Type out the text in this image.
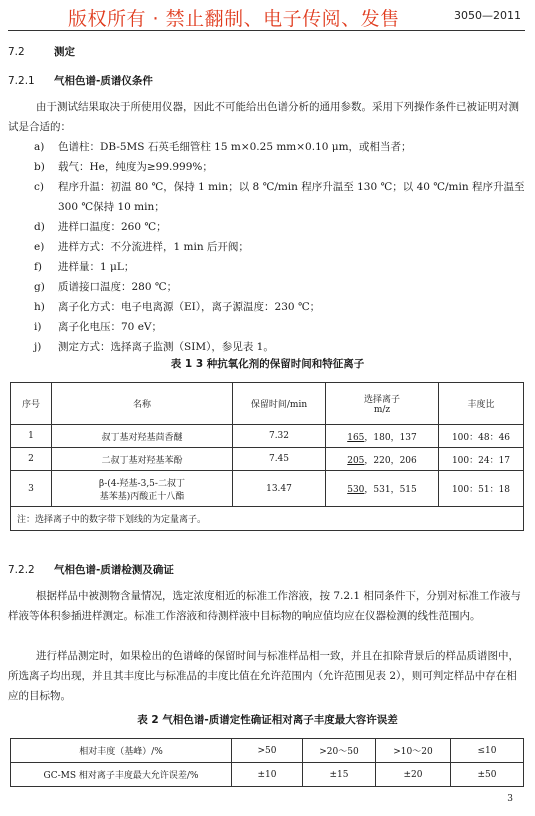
版权所有 · 禁止翻制、电子传阅、发售	3050—2011
7.2	测定
7.2.1 气相色谱-质谱仪条件
由于测试结果取决于所使用仪器，因此不可能给出色谱分析的通用参数。采用下列操作条件已被证明对测试是合适的：
a) 色谱柱：DB-5MS 石英毛细管柱 15 m×0.25 mm×0.10 μm，或相当者；
b) 载气：He，纯度为≥99.999%；
c) 程序升温：初温 80 ℃，保持 1 min；以 8 ℃/min 程序升温至 130 ℃；以 40 ℃/min 程序升温至
300 ℃保持 10 min；
d) 进样口温度：260 ℃；
e) 进样方式：不分流进样，1 min 后开阀；
f) 进样量：1 μL；
g) 质谱接口温度：280 ℃；
h) 离子化方式：电子电离源（EI），离子源温度：230 ℃；
i) 离子化电压：70 eV；
j) 测定方式：选择离子监测（SIM），参见表 1。
表 1 3 种抗氧化剂的保留时间和特征离子
序号	名称	保留时间/min	选择离子
m/z	丰度比
1	叔丁基对羟基茴香醚	7.32	165，180，137	100：48：46
2	二叔丁基对羟基苯酚	7.45	205，220，206	100：24：17
3	β-(4-羟基-3,5-二叔丁
基苯基)丙酸正十八酯	13.47	530，531，515	100：51：18
注：选择离子中的数字带下划线的为定量离子。				
7.2.2 气相色谱-质谱检测及确证
根据样品中被测物含量情况，选定浓度相近的标准工作溶液，按 7.2.1 相同条件下，分别对标准工作液与样液等体积参插进样测定。标准工作溶液和待测样液中目标物的响应值均应在仪器检测的线性范围内。
进行样品测定时，如果检出的色谱峰的保留时间与标准样品相一致，并且在扣除背景后的样品质谱图中，所选离子均出现，并且其丰度比与标准品的丰度比值在允许范围内（允许范围见表 2），则可判定样品中存在相应的目标物。
表 2 气相色谱-质谱定性确证相对离子丰度最大容许误差
相对丰度（基峰）/%	>50	>20～50	>10～20	≤10
GC-MS 相对离子丰度最大允许误差/%	±10	±15	±20	±50
3
